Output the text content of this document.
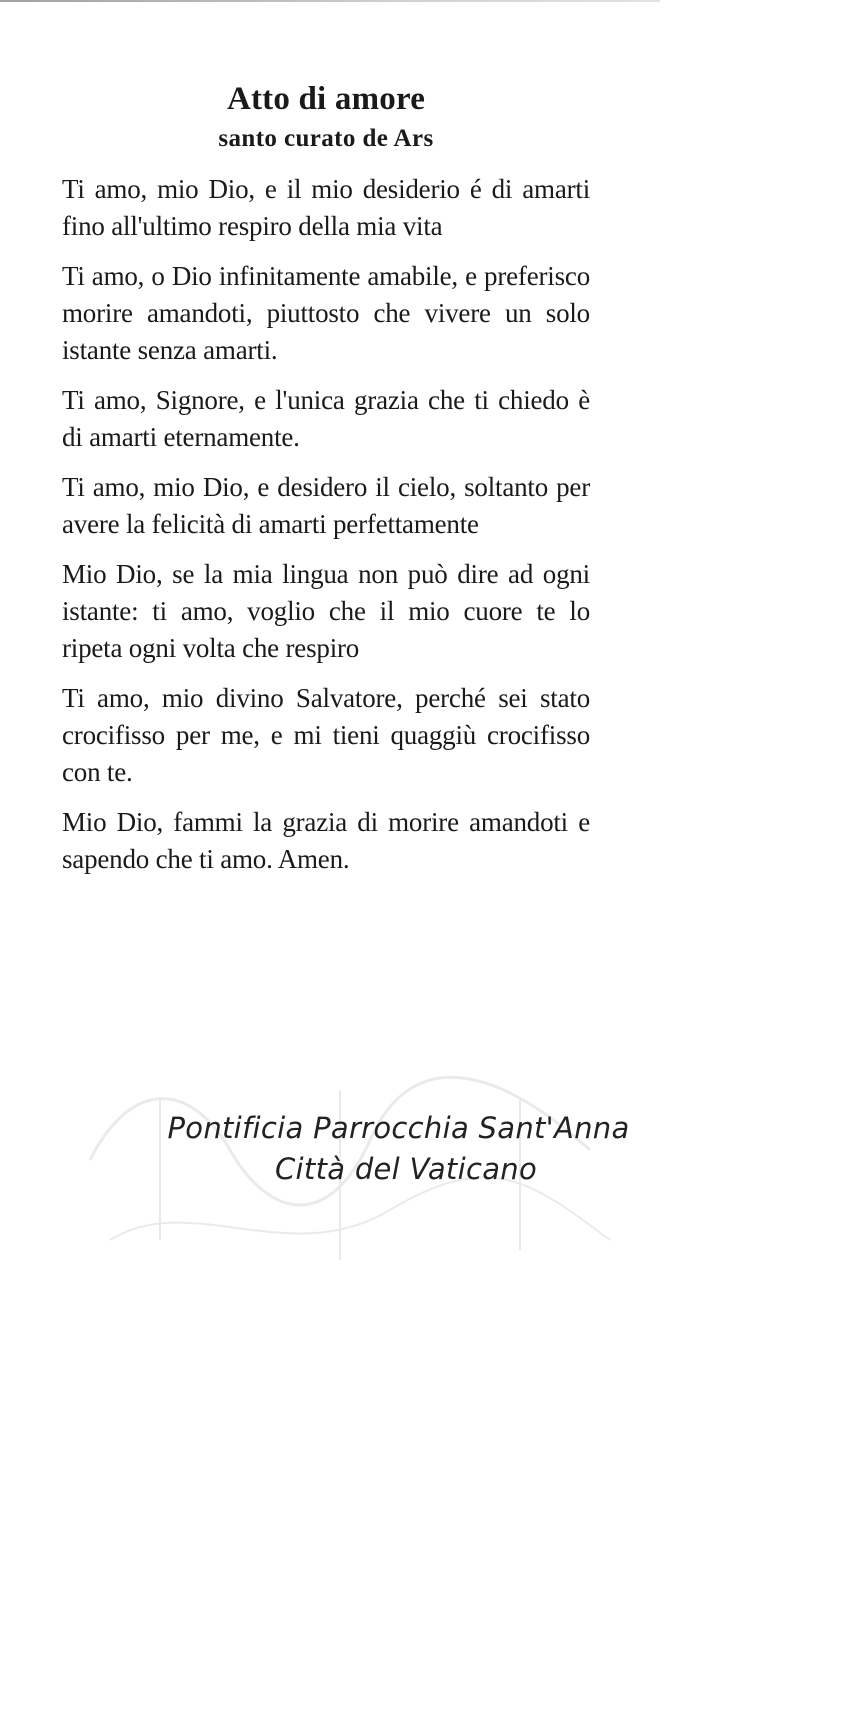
Atto di amore
santo curato de Ars

Ti amo, mio Dio, e il mio desiderio é di amarti fino all'ultimo respiro della mia vita

Ti amo, o Dio infinitamente amabile, e preferisco morire amandoti, piuttosto che vivere un solo istante senza amarti.

Ti amo, Signore, e l'unica grazia che ti chiedo è di amarti eternamente.

Ti amo, mio Dio, e desidero il cielo, soltanto per avere la felicità di amarti perfettamente

Mio Dio, se la mia lingua non può dire ad ogni istante: ti amo, voglio che il mio cuore te lo ripeta ogni volta che respiro

Ti amo, mio divino Salvatore, perché sei stato crocifisso per me, e mi tieni quaggiù crocifisso con te.

Mio Dio, fammi la grazia di morire amandoti e sapendo che ti amo. Amen.

Pontificia Parrocchia Sant'Anna
Città del Vaticano
